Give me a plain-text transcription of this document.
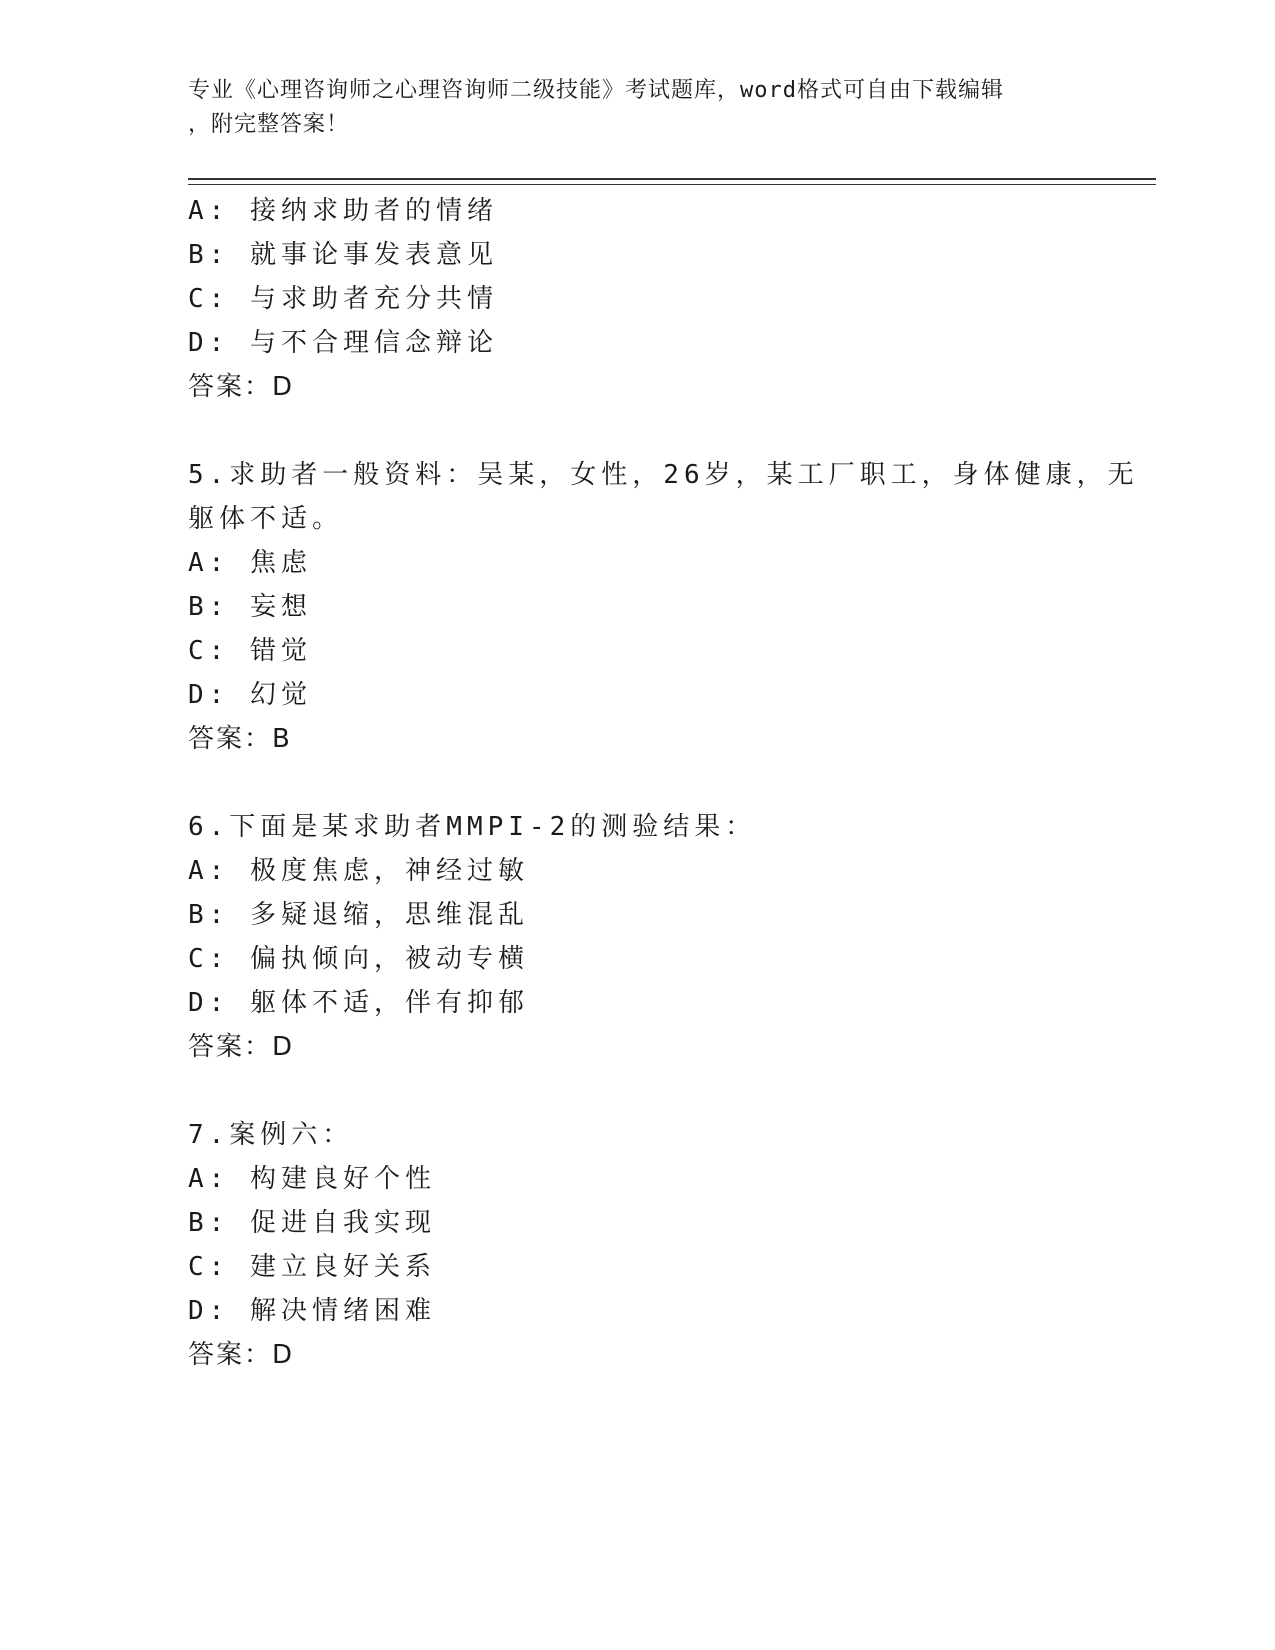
专业《心理咨询师之心理咨询师二级技能》考试题库，word格式可自由下载编辑
，附完整答案！
A: 接纳求助者的情绪
B: 就事论事发表意见
C: 与求助者充分共情
D: 与不合理信念辩论
答案：D
5.求助者一般资料：吴某，女性，26岁，某工厂职工，身体健康，无
躯体不适。
A: 焦虑
B: 妄想
C: 错觉
D: 幻觉
答案：B
6.下面是某求助者MMPI-2的测验结果：
A: 极度焦虑，神经过敏
B: 多疑退缩，思维混乱
C: 偏执倾向，被动专横
D: 躯体不适，伴有抑郁
答案：D
7.案例六：
A: 构建良好个性
B: 促进自我实现
C: 建立良好关系
D: 解决情绪困难
答案：D
